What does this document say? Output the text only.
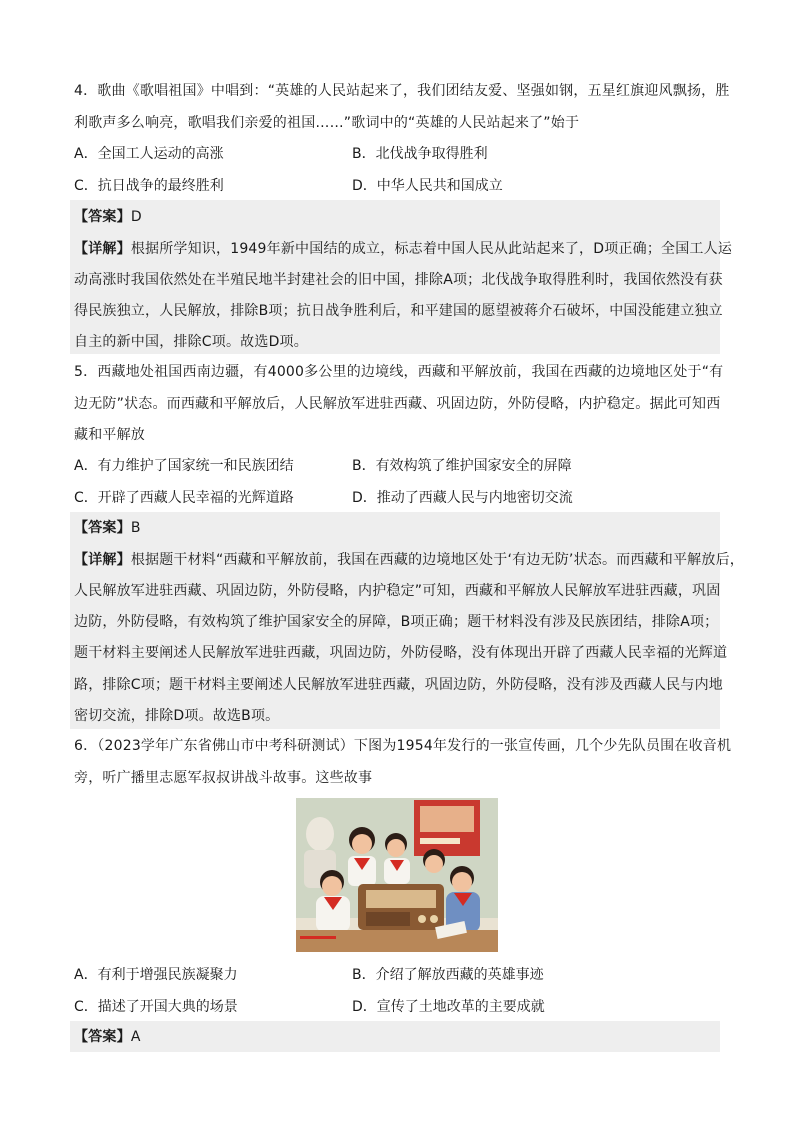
4．歌曲《歌唱祖国》中唱到：“英雄的人民站起来了，我们团结友爱、坚强如钢，五星红旗迎风飘扬，胜
利歌声多么响亮，歌唱我们亲爱的祖国……”歌词中的“英雄的人民站起来了”始于
A．全国工人运动的高涨	B．北伐战争取得胜利
C．抗日战争的最终胜利	D．中华人民共和国成立
【答案】D
【详解】根据所学知识，1949年新中国结的成立，标志着中国人民从此站起来了，D项正确；全国工人运
动高涨时我国依然处在半殖民地半封建社会的旧中国，排除A项；北伐战争取得胜利时，我国依然没有获
得民族独立，人民解放，排除B项；抗日战争胜利后，和平建国的愿望被蒋介石破坏，中国没能建立独立
自主的新中国，排除C项。故选D项。
5．西藏地处祖国西南边疆，有4000多公里的边境线，西藏和平解放前，我国在西藏的边境地区处于“有
边无防”状态。而西藏和平解放后，人民解放军进驻西藏、巩固边防，外防侵略，内护稳定。据此可知西
藏和平解放
A．有力维护了国家统一和民族团结	B．有效构筑了维护国家安全的屏障
C．开辟了西藏人民幸福的光辉道路	D．推动了西藏人民与内地密切交流
【答案】B
【详解】根据题干材料“西藏和平解放前，我国在西藏的边境地区处于‘有边无防’状态。而西藏和平解放后，
人民解放军进驻西藏、巩固边防，外防侵略，内护稳定”可知，西藏和平解放人民解放军进驻西藏，巩固
边防，外防侵略，有效构筑了维护国家安全的屏障，B项正确；题干材料没有涉及民族团结，排除A项；
题干材料主要阐述人民解放军进驻西藏，巩固边防，外防侵略，没有体现出开辟了西藏人民幸福的光辉道
路，排除C项；题干材料主要阐述人民解放军进驻西藏，巩固边防，外防侵略，没有涉及西藏人民与内地
密切交流，排除D项。故选B项。
6．（2023学年广东省佛山市中考科研测试）下图为1954年发行的一张宣传画，几个少先队员围在收音机
旁，听广播里志愿军叔叔讲战斗故事。这些故事
A．有利于增强民族凝聚力	B．介绍了解放西藏的英雄事迹
C．描述了开国大典的场景	D．宣传了土地改革的主要成就
【答案】A
